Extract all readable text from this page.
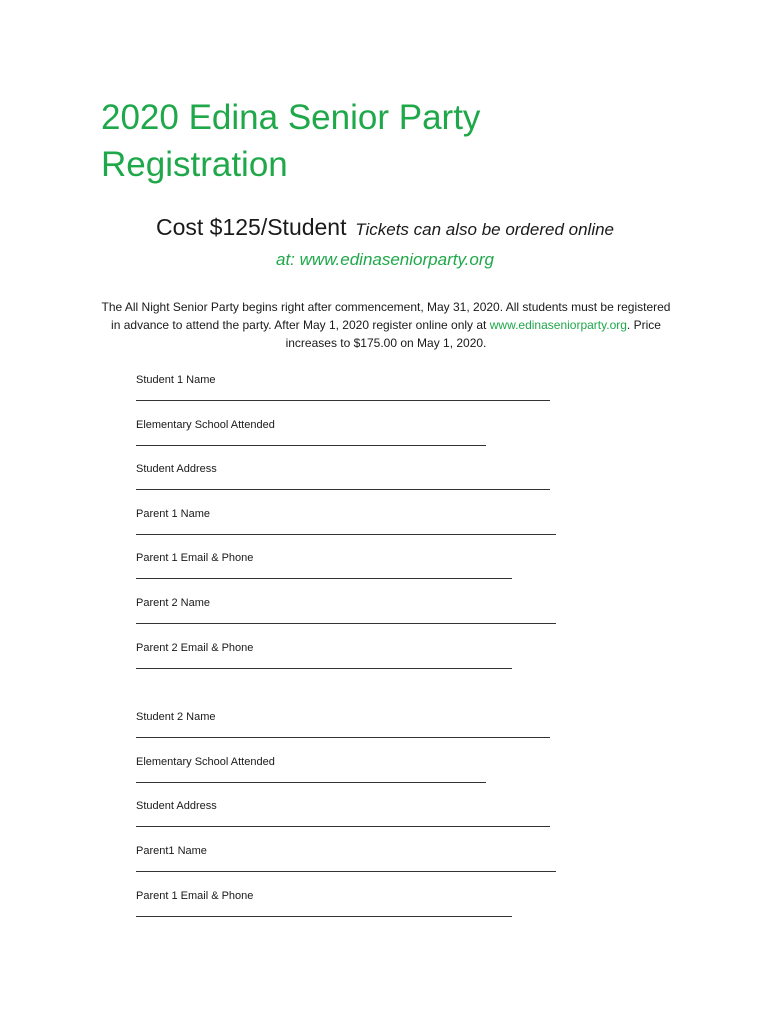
2020 Edina Senior Party
Registration
Cost $125/Student Tickets can also be ordered online
at: www.edinaseniorparty.org
The All Night Senior Party begins right after commencement, May 31, 2020. All students must be registered in advance to attend the party. After May 1, 2020 register online only at www.edinaseniorparty.org. Price increases to $175.00 on May 1, 2020.
Student 1 Name
Elementary School Attended
Student Address
Parent 1 Name
Parent 1 Email & Phone
Parent 2 Name
Parent 2 Email & Phone
Student 2 Name
Elementary School Attended
Student Address
Parent1 Name
Parent 1 Email & Phone
